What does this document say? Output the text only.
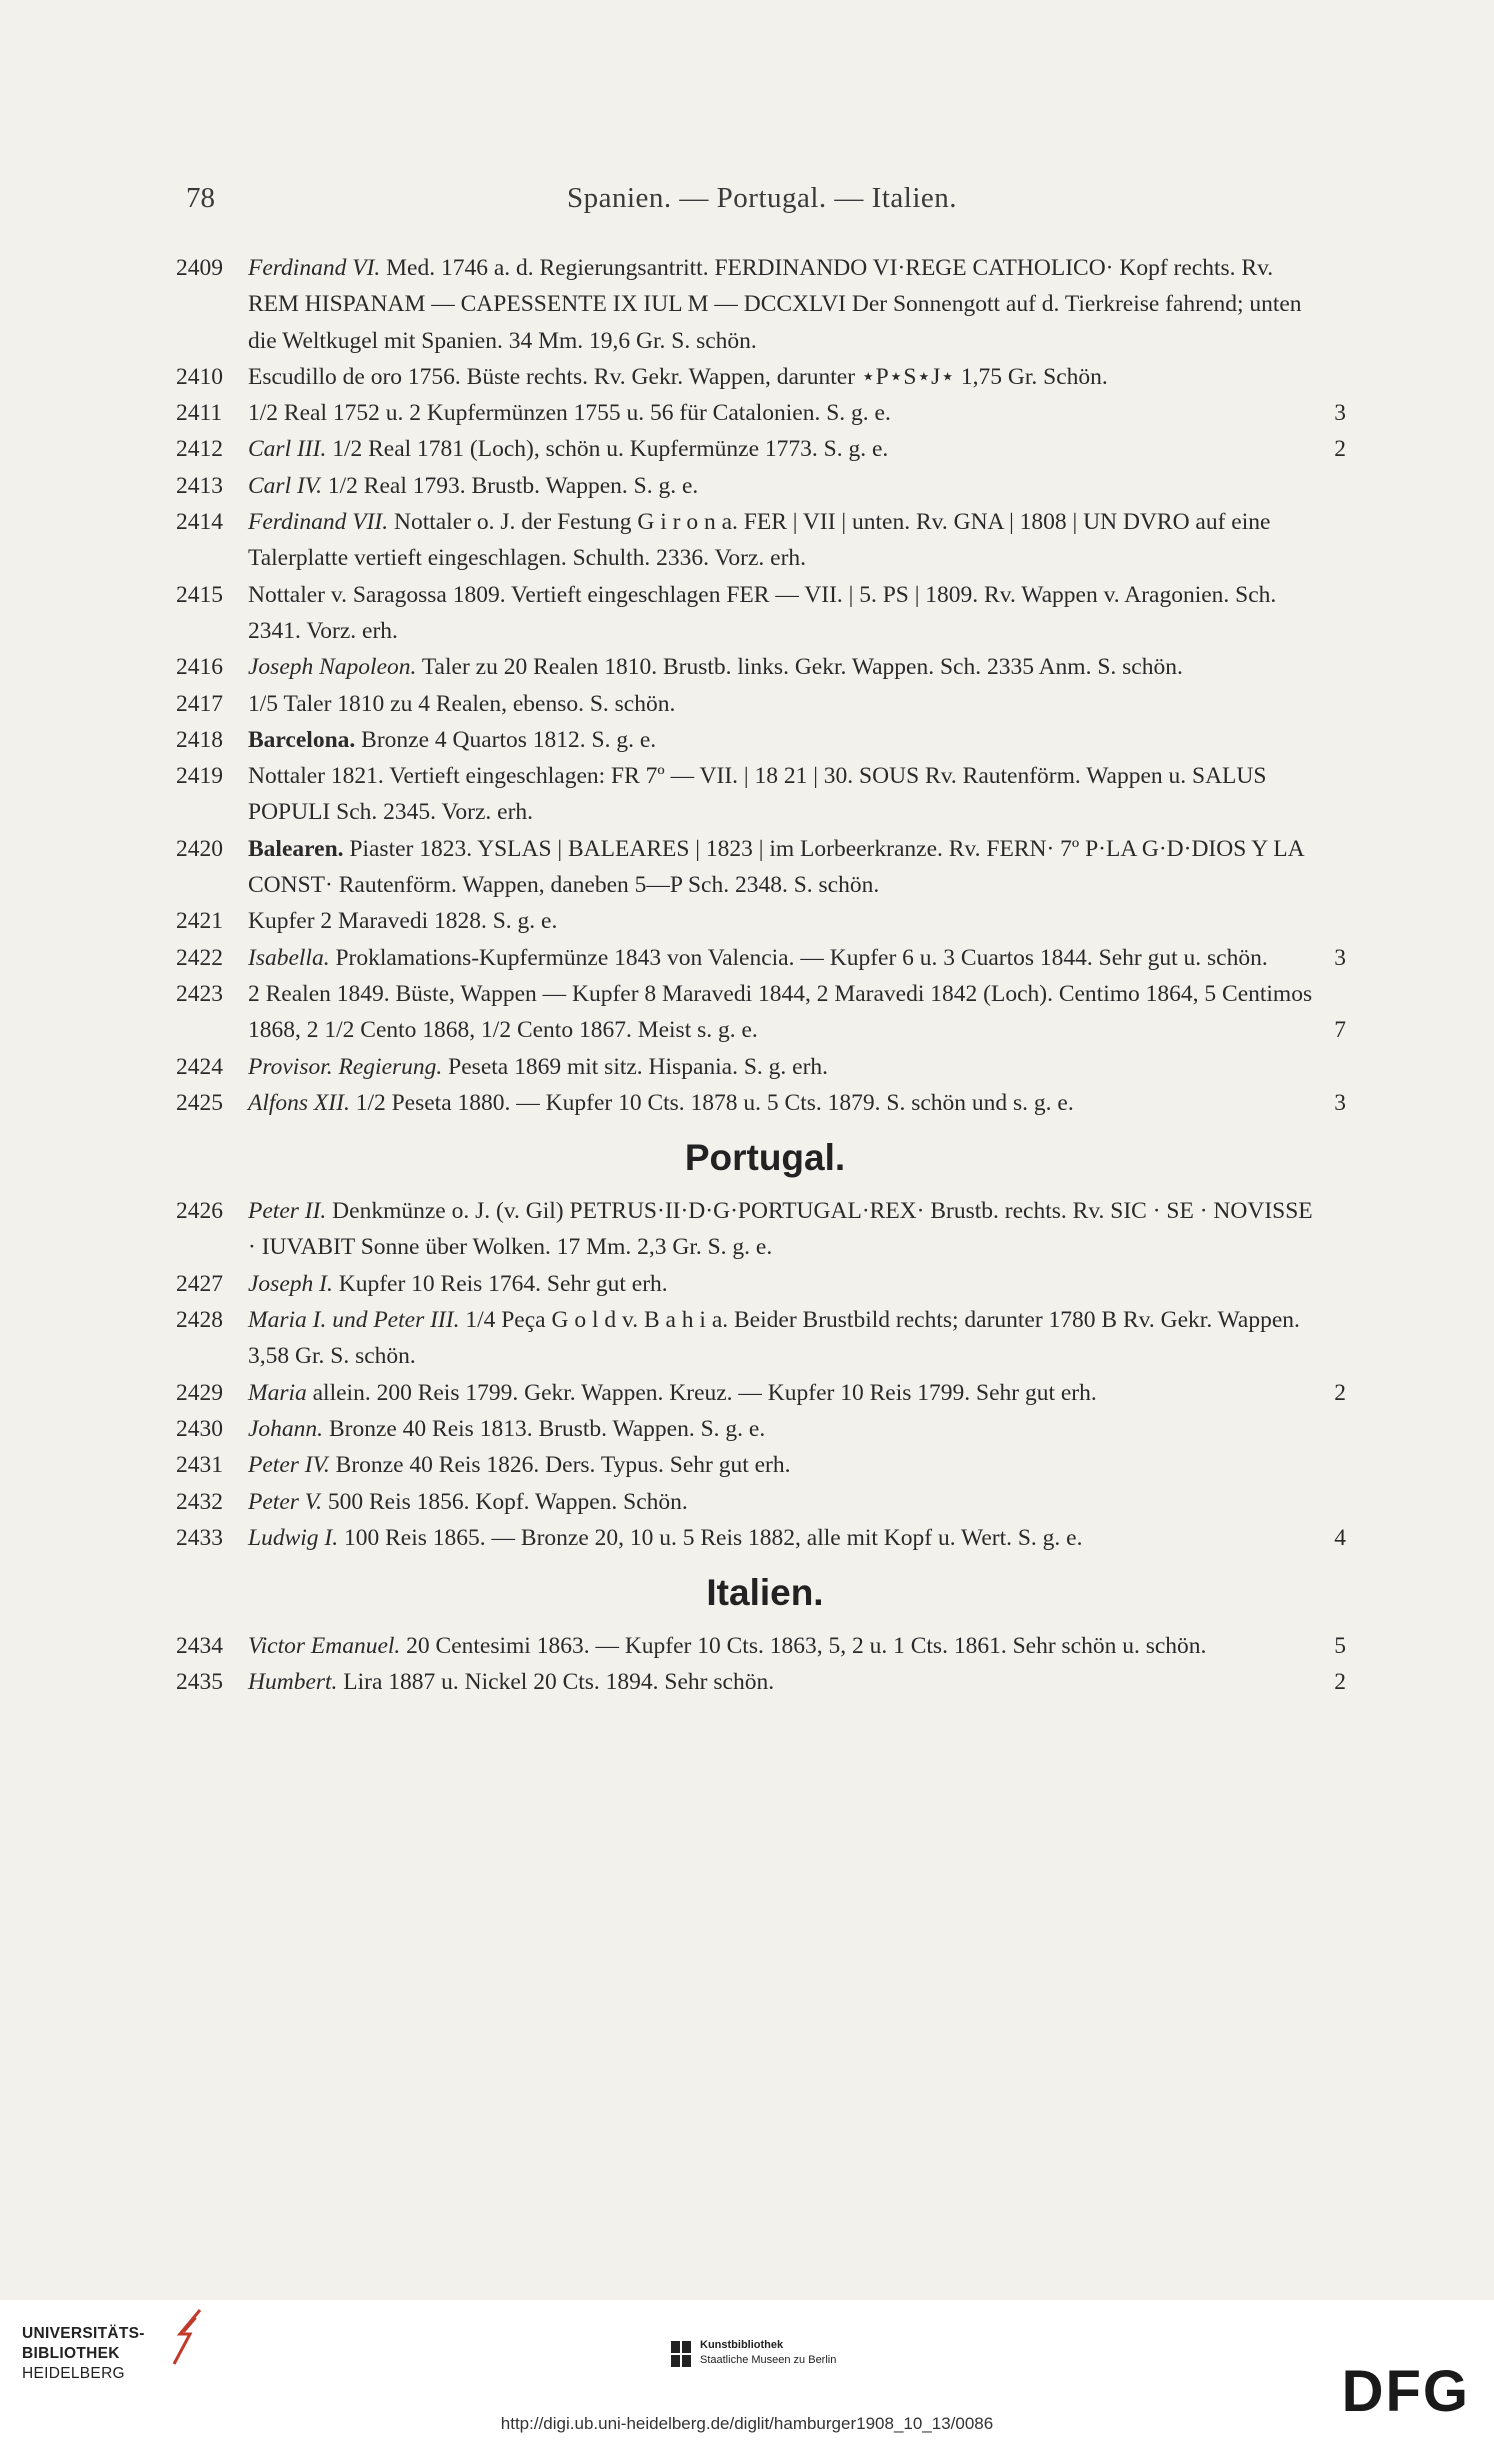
78	Spanien. — Portugal. — Italien.
2409	Ferdinand VI. Med. 1746 a. d. Regierungsantritt. FERDINANDO VI·REGE CATHOLICO· Kopf rechts. Rv. REM HISPANAM — CAPESSENTE IX IUL M — DCCXLVI Der Sonnengott auf d. Tierkreise fahrend; unten die Weltkugel mit Spanien. 34 Mm. 19,6 Gr. S. schön.
2410	Escudillo de oro 1756. Büste rechts. Rv. Gekr. Wappen, darunter ⋆P⋆S⋆J⋆ 1,75 Gr. Schön.
2411	1/2 Real 1752 u. 2 Kupfermünzen 1755 u. 56 für Catalonien. S. g. e.	3
2412	Carl III. 1/2 Real 1781 (Loch), schön u. Kupfermünze 1773. S. g. e.	2
2413	Carl IV. 1/2 Real 1793. Brustb. Wappen. S. g. e.
2414	Ferdinand VII. Nottaler o. J. der Festung G i r o n a. FER | VII | unten. Rv. GNA | 1808 | UN DVRO auf eine Talerplatte vertieft eingeschlagen. Schulth. 2336. Vorz. erh.
2415	Nottaler v. Saragossa 1809. Vertieft eingeschlagen FER — VII. | 5. PS | 1809. Rv. Wappen v. Aragonien. Sch. 2341. Vorz. erh.
2416	Joseph Napoleon. Taler zu 20 Realen 1810. Brustb. links. Gekr. Wappen. Sch. 2335 Anm. S. schön.
2417	1/5 Taler 1810 zu 4 Realen, ebenso. S. schön.
2418	Barcelona. Bronze 4 Quartos 1812. S. g. e.
2419	Nottaler 1821. Vertieft eingeschlagen: FR 7º — VII. | 18 21 | 30. SOUS Rv. Rautenförm. Wappen u. SALUS POPULI Sch. 2345. Vorz. erh.
2420	Balearen. Piaster 1823. YSLAS | BALEARES | 1823 | im Lorbeerkranze. Rv. FERN· 7º P·LA G·D·DIOS Y LA CONST· Rautenförm. Wappen, daneben 5—P Sch. 2348. S. schön.
2421	Kupfer 2 Maravedi 1828. S. g. e.
2422	Isabella. Proklamations-Kupfermünze 1843 von Valencia. — Kupfer 6 u. 3 Cuartos 1844. Sehr gut u. schön.	3
2423	2 Realen 1849. Büste, Wappen — Kupfer 8 Maravedi 1844, 2 Maravedi 1842 (Loch). Centimo 1864, 5 Centimos 1868, 2 1/2 Cento 1868, 1/2 Cento 1867. Meist s. g. e.	7
2424	Provisor. Regierung. Peseta 1869 mit sitz. Hispania. S. g. erh.
2425	Alfons XII. 1/2 Peseta 1880. — Kupfer 10 Cts. 1878 u. 5 Cts. 1879. S. schön und s. g. e.	3
Portugal.
2426	Peter II. Denkmünze o. J. (v. Gil) PETRUS·II·D·G·PORTUGAL·REX· Brustb. rechts. Rv. SIC · SE · NOVISSE · IUVABIT Sonne über Wolken. 17 Mm. 2,3 Gr. S. g. e.
2427	Joseph I. Kupfer 10 Reis 1764. Sehr gut erh.
2428	Maria I. und Peter III. 1/4 Peça G o l d v. B a h i a. Beider Brustbild rechts; darunter 1780 B Rv. Gekr. Wappen. 3,58 Gr. S. schön.
2429	Maria allein. 200 Reis 1799. Gekr. Wappen. Kreuz. — Kupfer 10 Reis 1799. Sehr gut erh.	2
2430	Johann. Bronze 40 Reis 1813. Brustb. Wappen. S. g. e.
2431	Peter IV. Bronze 40 Reis 1826. Ders. Typus. Sehr gut erh.
2432	Peter V. 500 Reis 1856. Kopf. Wappen. Schön.
2433	Ludwig I. 100 Reis 1865. — Bronze 20, 10 u. 5 Reis 1882, alle mit Kopf u. Wert. S. g. e.	4
Italien.
2434	Victor Emanuel. 20 Centesimi 1863. — Kupfer 10 Cts. 1863, 5, 2 u. 1 Cts. 1861. Sehr schön u. schön.	5
2435	Humbert. Lira 1887 u. Nickel 20 Cts. 1894. Sehr schön.	2
UNIVERSITÄTS-
BIBLIOTHEK
HEIDELBERG
Kunstbibliothek
Staatliche Museen zu Berlin	DFG
http://digi.ub.uni-heidelberg.de/diglit/hamburger1908_10_13/0086
